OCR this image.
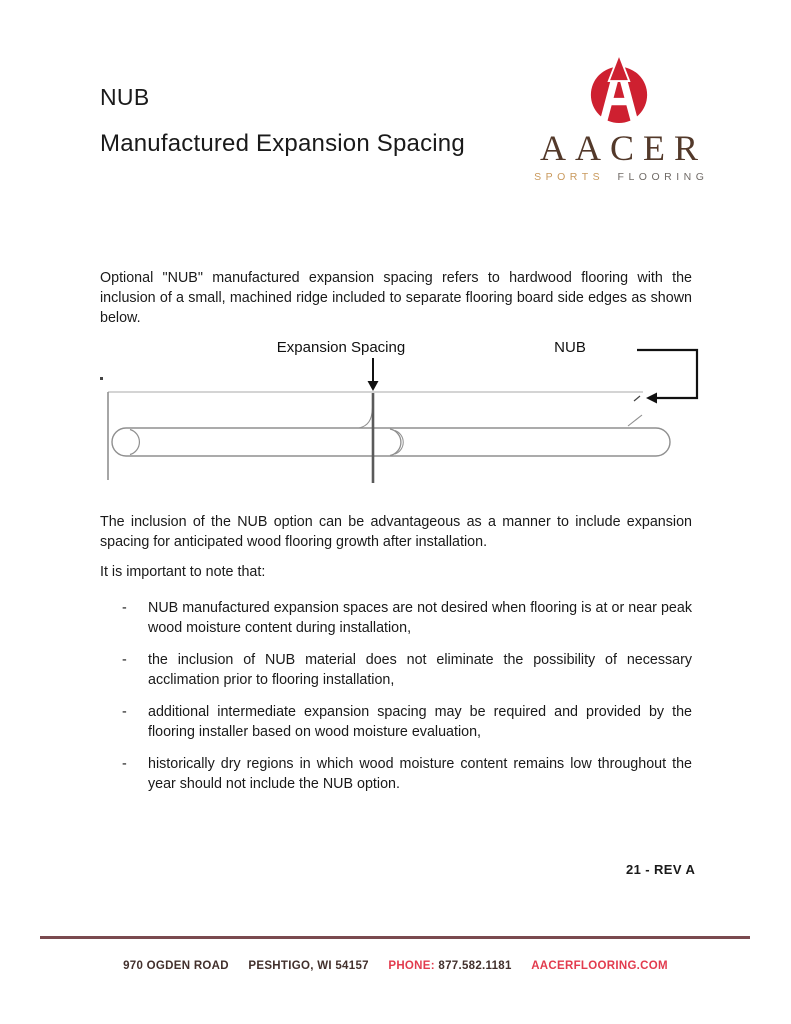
NUB
Manufactured Expansion Spacing	AACER
SPORTS FLOORING
Optional "NUB" manufactured expansion spacing refers to hardwood flooring with the inclusion of a small, machined ridge included to separate flooring board side edges as shown below.
Expansion Spacing	NUB
The inclusion of the NUB option can be advantageous as a manner to include expansion spacing for anticipated wood flooring growth after installation.
It is important to note that:
-	NUB manufactured expansion spaces are not desired when flooring is at or near peak wood moisture content during installation,
-	the inclusion of NUB material does not eliminate the possibility of necessary acclimation prior to flooring installation,
-	additional intermediate expansion spacing may be required and provided by the flooring installer based on wood moisture evaluation,
-	historically dry regions in which wood moisture content remains low throughout the year should not include the NUB option.
21 - REV A
970 OGDEN ROAD PESHTIGO, WI 54157 PHONE: 877.582.1181 AACERFLOORING.COM
